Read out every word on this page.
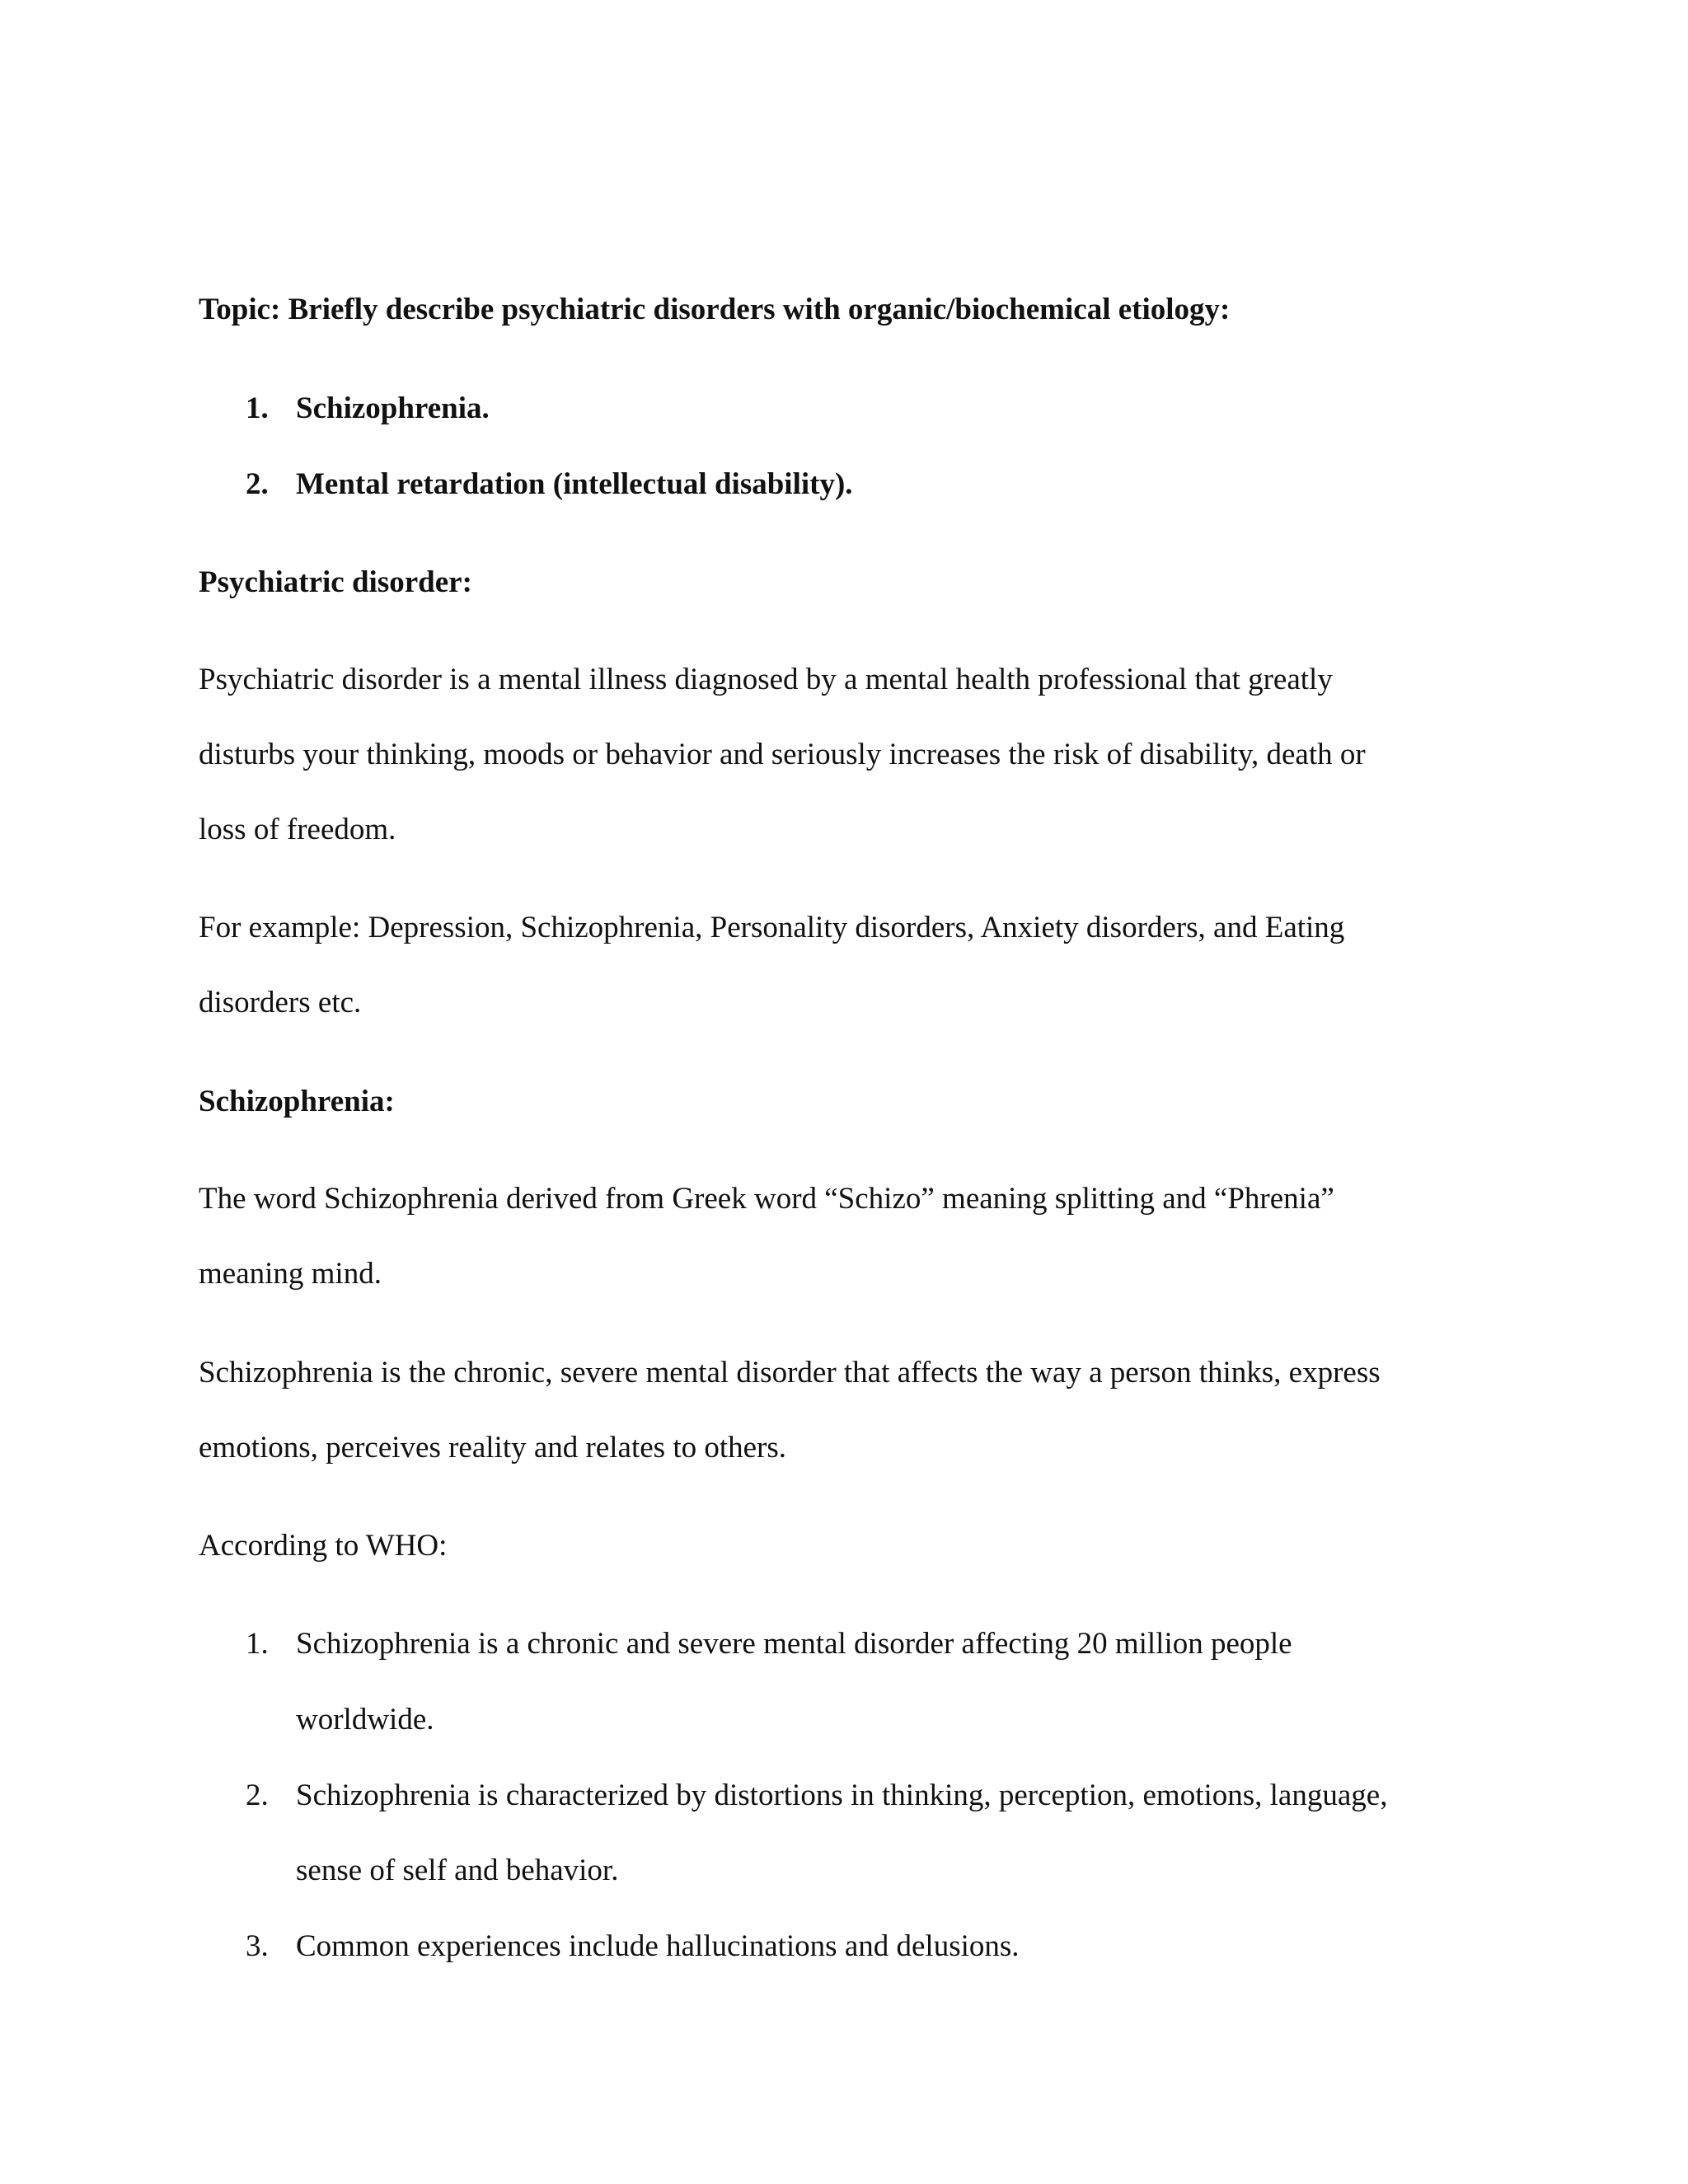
Topic: Briefly describe psychiatric disorders with organic/biochemical etiology:
1. Schizophrenia.
2. Mental retardation (intellectual disability).
Psychiatric disorder:
Psychiatric disorder is a mental illness diagnosed by a mental health professional that greatly
disturbs your thinking, moods or behavior and seriously increases the risk of disability, death or
loss of freedom.
For example: Depression, Schizophrenia, Personality disorders, Anxiety disorders, and Eating
disorders etc.
Schizophrenia:
The word Schizophrenia derived from Greek word “Schizo” meaning splitting and “Phrenia”
meaning mind.
Schizophrenia is the chronic, severe mental disorder that affects the way a person thinks, express
emotions, perceives reality and relates to others.
According to WHO:
1. Schizophrenia is a chronic and severe mental disorder affecting 20 million people
worldwide.
2. Schizophrenia is characterized by distortions in thinking, perception, emotions, language,
sense of self and behavior.
3. Common experiences include hallucinations and delusions.
